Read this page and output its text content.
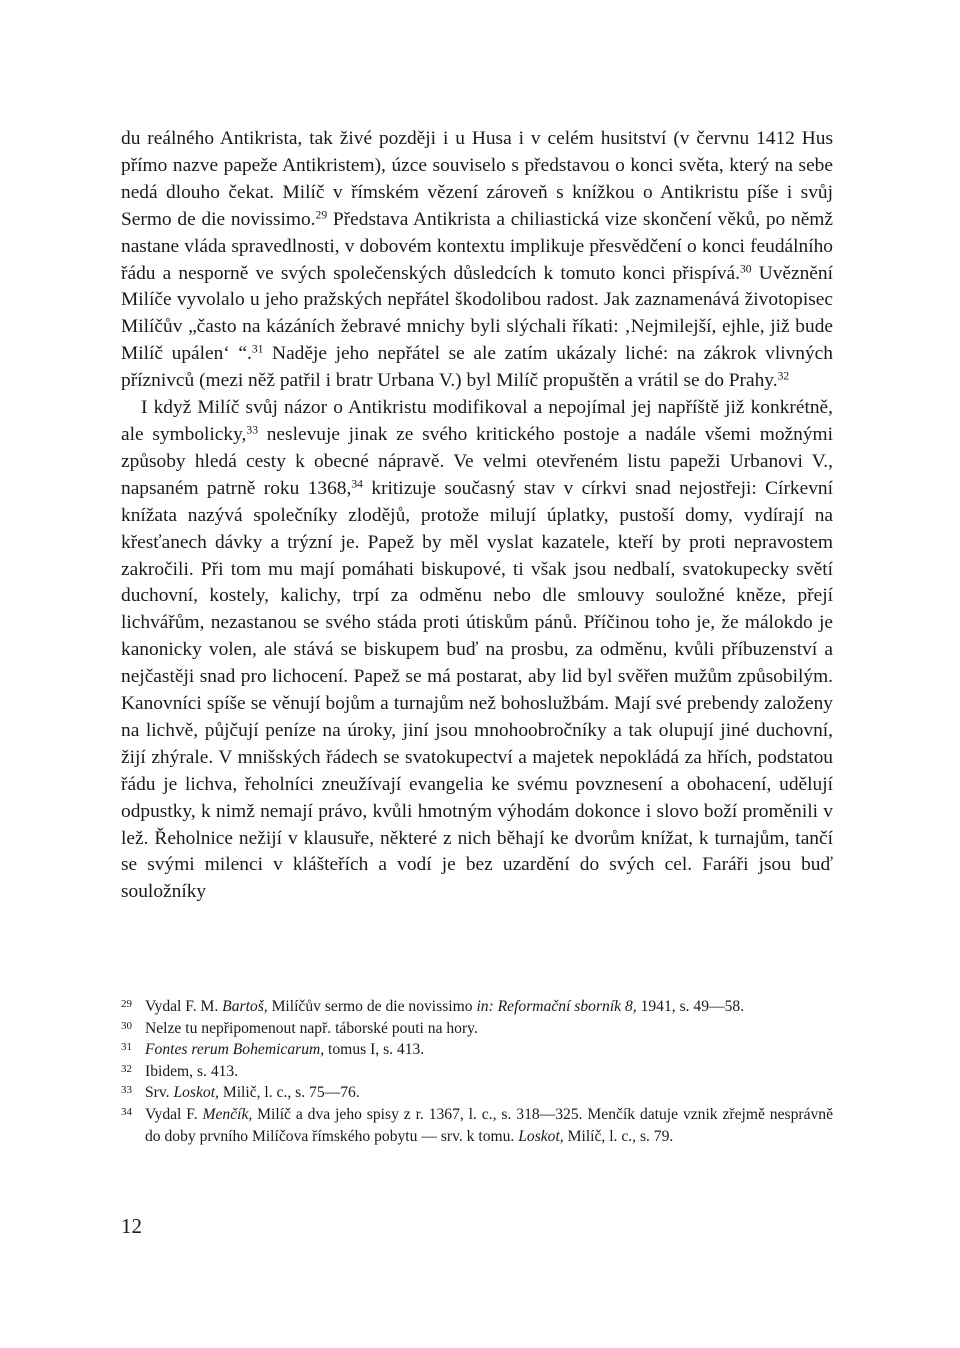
du reálného Antikrista, tak živé později i u Husa i v celém husitství (v červnu 1412 Hus přímo nazve papeže Antikristem), úzce souviselo s představou o konci světa, který na sebe nedá dlouho čekat. Milíč v římském vězení zároveň s knížkou o Antikristu píše i svůj Sermo de die novissimo.$^{29}$ Představa Antikrista a chiliastická vize skončení věků, po němž nastane vláda spravedlnosti, v dobovém kontextu implikuje přesvědčení o konci feudálního řádu a nesporně ve svých společenských důsledcích k tomuto konci přispívá.$^{30}$ Uvěznění Milíče vyvolalo u jeho pražských nepřátel škodolibou radost. Jak zaznamenává životopisec Milíčův „často na kázáních žebravé mnichy byli slýchali říkati: ‚Nejmilejší, ejhle, již bude Milíč upálen‘ “.$^{31}$ Naděje jeho nepřátel se ale zatím ukázaly liché: na zákrok vlivných příznivců (mezi něž patřil i bratr Urbana V.) byl Milíč propuštěn a vrátil se do Prahy.$^{32}$

I když Milíč svůj názor o Antikristu modifikoval a nepojímal jej napříště již konkrétně, ale symbolicky,$^{33}$ neslevuje jinak ze svého kritického postoje a nadále všemi možnými způsoby hledá cesty k obecné nápravě. Ve velmi otevřeném listu papeži Urbanovi V., napsaném patrně roku 1368,34 kritizuje současný stav v církvi snad nejostřeji: Církevní knížata nazývá společníky zlodějů, protože milují úplatky, pustoší domy, vydírají na křesťanech dávky a trýzní je. Papež by měl vyslat kazatele, kteří by proti nepravostem zakročili. Při tom mu mají pomáhati biskupové, ti však jsou nedbalí, svatokupecky světí duchovní, kostely, kalichy, trpí za odměnu nebo dle smlouvy souložné kněze, přejí lichvářům, nezastanou se svého stáda proti útiskům pánů. Příčinou toho je, že málokdo je kanonicky volen, ale stává se biskupem buď na prosbu, za odměnu, kvůli příbuzenství a nejčastěji snad pro lichocení. Papež se má postarat, aby lid byl svěřen mužům způsobilým. Kanovníci spíše se věnují bojům a turnajům než bohoslužbám. Mají své prebendy založeny na lichvě, půjčují peníze na úroky, jiní jsou mnohoobročníky a tak olupují jiné duchovní, žijí zhýrale. V mnišských řádech se svatokupectví a majetek nepokládá za hřích, podstatou řádu je lichva, řeholníci zneužívají evangelia ke svému povznesení a obohacení, udělují odpustky, k nimž nemají právo, kvůli hmotným výhodám dokonce i slovo boží proměnili v lež. Řeholnice nežijí v klausuře, některé z nich běhají ke dvorům knížat, k turnajům, tančí se svými milenci v klášteřích a vodí je bez uzardění do svých cel. Faráři jsou buď souložníky

29 Vydal F. M. Bartoš, Milíčův sermo de die novissimo in: Reformační sborník 8, 1941, s. 49—58.
30 Nelze tu nepřipomenout např. táborské pouti na hory.
31 Fontes rerum Bohemicarum, tomus I, s. 413.
32 Ibidem, s. 413.
33 Srv. Loskot, Milič, l. c., s. 75—76.
34 Vydal F. Menčík, Milíč a dva jeho spisy z r. 1367, l. c., s. 318—325. Menčík datuje vznik zřejmě nesprávně do doby prvního Milíčova římského pobytu — srv. k tomu. Loskot, Milíč, l. c., s. 79.
12
